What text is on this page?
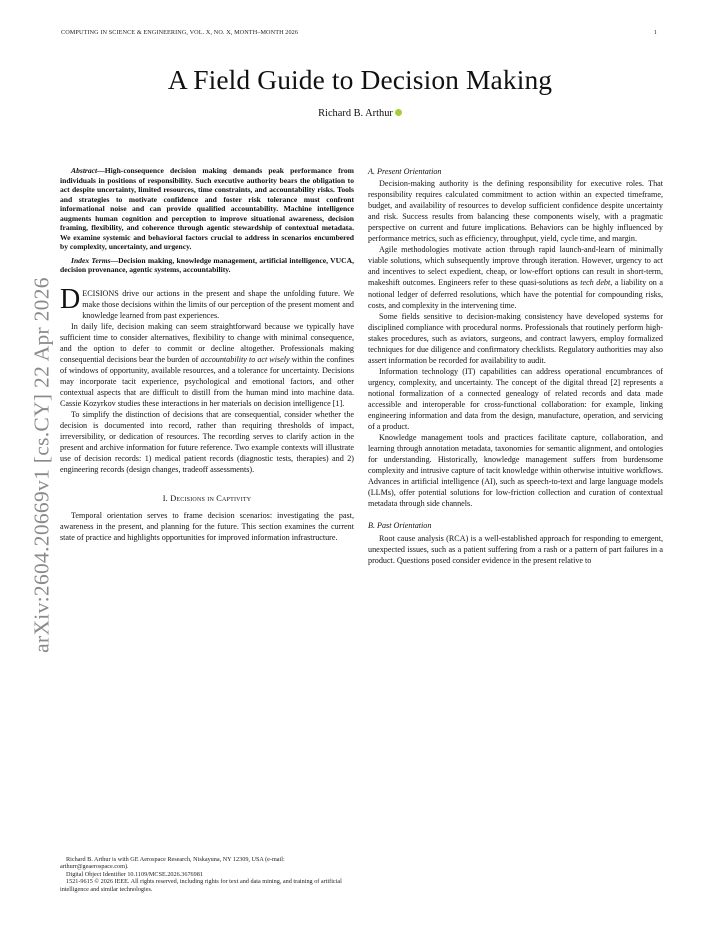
COMPUTING IN SCIENCE & ENGINEERING, VOL. X, NO. X, MONTH–MONTH 2026	1
A Field Guide to Decision Making
Richard B. Arthur
arXiv:2604.20669v1 [cs.CY] 22 Apr 2026

Abstract—High-consequence decision making demands peak performance from individuals in positions of responsibility. Such executive authority bears the obligation to act despite uncertainty, limited resources, time constraints, and accountability risks. Tools and strategies to motivate confidence and foster risk tolerance must confront informational noise and can provide qualified accountability. Machine intelligence augments human cognition and perception to improve situational awareness, decision framing, flexibility, and coherence through agentic stewardship of contextual metadata. We examine systemic and behavioral factors crucial to address in scenarios encumbered by complexity, uncertainty, and urgency.

Index Terms—Decision making, knowledge management, artificial intelligence, VUCA, decision provenance, agentic systems, accountability.

DECISIONS drive our actions in the present and shape the unfolding future. We make those decisions within the limits of our perception of the present moment and knowledge learned from past experiences.

In daily life, decision making can seem straightforward because we typically have sufficient time to consider alternatives, flexibility to change with minimal consequence, and the option to defer to commit or decline altogether. Professionals making consequential decisions bear the burden of accountability to act wisely within the confines of windows of opportunity, available resources, and a tolerance for uncertainty. Decisions may incorporate tacit experience, psychological and emotional factors, and other contextual aspects that are difficult to distill from the human mind into machine data. Cassie Kozyrkov studies these interactions in her materials on decision intelligence [1].

To simplify the distinction of decisions that are consequential, consider whether the decision is documented into record, rather than requiring thresholds of impact, irreversibility, or dedication of resources. The recording serves to clarify action in the present and archive information for future reference. Two example contexts will illustrate use of decision records: 1) medical patient records (diagnostic tests, therapies) and 2) engineering records (design changes, tradeoff assessments).

I. Decisions in Captivity

Temporal orientation serves to frame decision scenarios: investigating the past, awareness in the present, and planning for the future. This section examines the current state of practice and highlights opportunities for improved information infrastructure.

Richard B. Arthur is with GE Aerospace Research, Niskayuna, NY 12309, USA (e-mail: arthurr@geaerospace.com).
Digital Object Identifier 10.1109/MCSE.2026.3676981
1521-9615 © 2026 IEEE. All rights reserved, including rights for text and data mining, and training of artificial intelligence and similar technologies.
A. Present Orientation

Decision-making authority is the defining responsibility for executive roles. That responsibility requires calculated commitment to action within an expected timeframe, budget, and availability of resources to develop sufficient confidence despite uncertainty and risk. Success results from balancing these components wisely, with a pragmatic perspective on current and future implications. Behaviors can be highly influenced by performance metrics, such as efficiency, throughput, yield, cycle time, and margin.

Agile methodologies motivate action through rapid launch-and-learn of minimally viable solutions, which subsequently improve through iteration. However, urgency to act and incentives to select expedient, cheap, or low-effort options can result in short-term, makeshift outcomes. Engineers refer to these quasi-solutions as tech debt, a liability on a notional ledger of deferred resolutions, which have the potential for compounding risks, costs, and complexity in the intervening time.

Some fields sensitive to decision-making consistency have developed systems for disciplined compliance with procedural norms. Professionals that routinely perform high-stakes procedures, such as aviators, surgeons, and contract lawyers, employ formalized techniques for due diligence and confirmatory checklists. Regulatory authorities may also assert information be recorded for availability to audit.

Information technology (IT) capabilities can address operational encumbrances of urgency, complexity, and uncertainty. The concept of the digital thread [2] represents a notional formalization of a connected genealogy of related records and data made accessible and interoperable for cross-functional collaboration: for example, linking engineering information and data from the design, manufacture, operation, and servicing of a product.

Knowledge management tools and practices facilitate capture, collaboration, and learning through annotation metadata, taxonomies for semantic alignment, and ontologies for understanding. Historically, knowledge management suffers from burdensome complexity and intrusive capture of tacit knowledge within otherwise intuitive workflows. Advances in artificial intelligence (AI), such as speech-to-text and large language models (LLMs), offer potential solutions for low-friction collection and curation of contextual metadata through side channels.

B. Past Orientation

Root cause analysis (RCA) is a well-established approach for responding to emergent, unexpected issues, such as a patient suffering from a rash or a pattern of part failures in a product. Questions posed consider evidence in the present relative to
